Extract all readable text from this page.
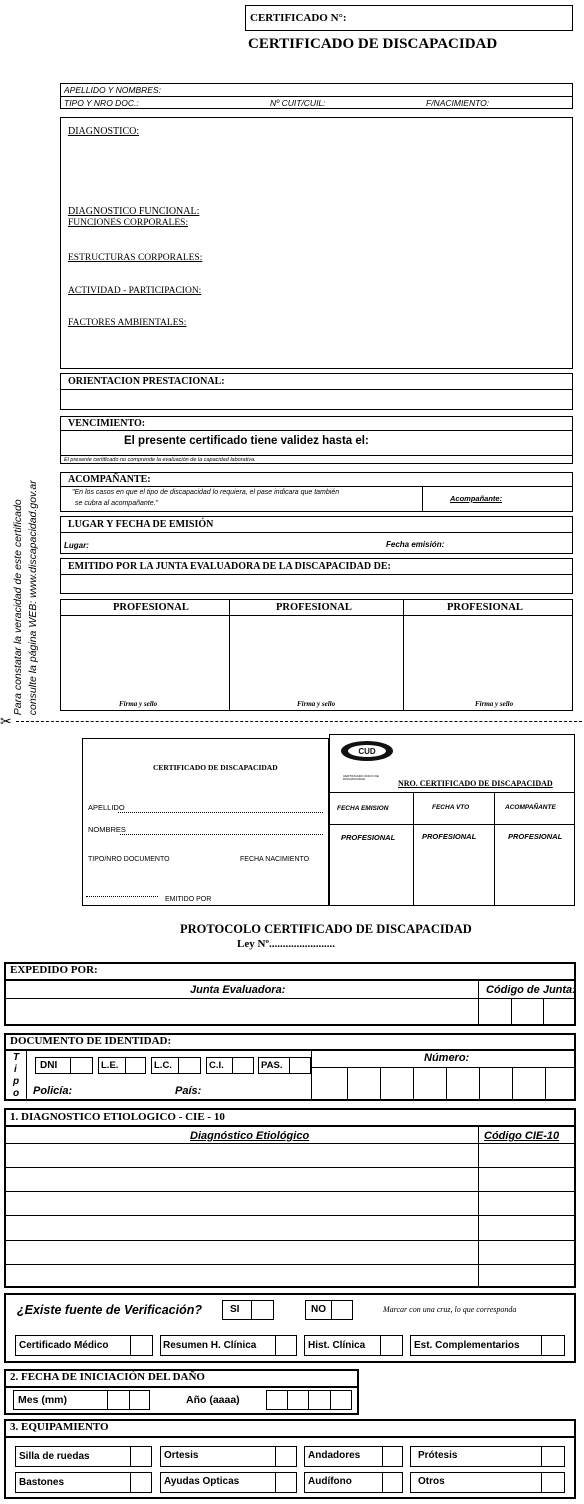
CERTIFICADO N°:
CERTIFICADO DE DISCAPACIDAD
Para constatar la veracidad de este certificado consulte la página WEB: www.discapacidad.gov.ar
APELLIDO Y NOMBRES:
TIPO Y NRO DOC.:	Nº CUIT/CUIL:	F/NACIMIENTO:
DIAGNOSTICO:
DIAGNOSTICO FUNCIONAL:
FUNCIONES CORPORALES:
ESTRUCTURAS CORPORALES:
ACTIVIDAD - PARTICIPACION:
FACTORES AMBIENTALES:
ORIENTACION PRESTACIONAL:
VENCIMIENTO:
El presente certificado tiene validez hasta el:
El presente certificado no comprende la evaluación de la capacidad laborativa.
ACOMPAÑANTE:
"En los casos en que el tipo de discapacidad lo requiera, el pase indicara que también
se cubra al acompañante."
Acompañante:
LUGAR Y FECHA DE EMISIÓN
Lugar:	Fecha emisión:
EMITIDO POR LA JUNTA EVALUADORA DE LA DISCAPACIDAD DE:
PROFESIONAL	PROFESIONAL	PROFESIONAL
Firma y sello	Firma y sello	Firma y sello
✂
CERTIFICADO DE DISCAPACIDAD
APELLIDO
NOMBRES
TIPO/NRO DOCUMENTO	FECHA NACIMIENTO
EMITIDO POR
CUD
CERTIFICADO ÚNICO DE DISCAPACIDAD	NRO. CERTIFICADO DE DISCAPACIDAD
FECHA EMISION	FECHA VTO	ACOMPAÑANTE
PROFESIONAL	PROFESIONAL	PROFESIONAL
PROTOCOLO CERTIFICADO DE DISCAPACIDAD
Ley Nº........................
EXPEDIDO POR:
Junta Evaluadora:	Código de Junta:
DOCUMENTO DE IDENTIDAD:
T
i
p
o
DNI	L.E.	L.C.	C.I.	PAS.
Número:
Policía:	País:
1. DIAGNOSTICO ETIOLOGICO - CIE - 10
Diagnóstico Etiológico	Código CIE-10
¿Existe fuente de Verificación?	SI	NO	Marcar con una cruz, lo que corresponda
Certificado Médico	Resumen H. Clínica	Hist. Clínica	Est. Complementarios
2. FECHA DE INICIACIÓN DEL DAÑO
Mes (mm)	Año (aaaa)
3. EQUIPAMIENTO
Silla de ruedas	Ortesis	Andadores	Prótesis
Bastones	Ayudas Opticas	Audífono	Otros
